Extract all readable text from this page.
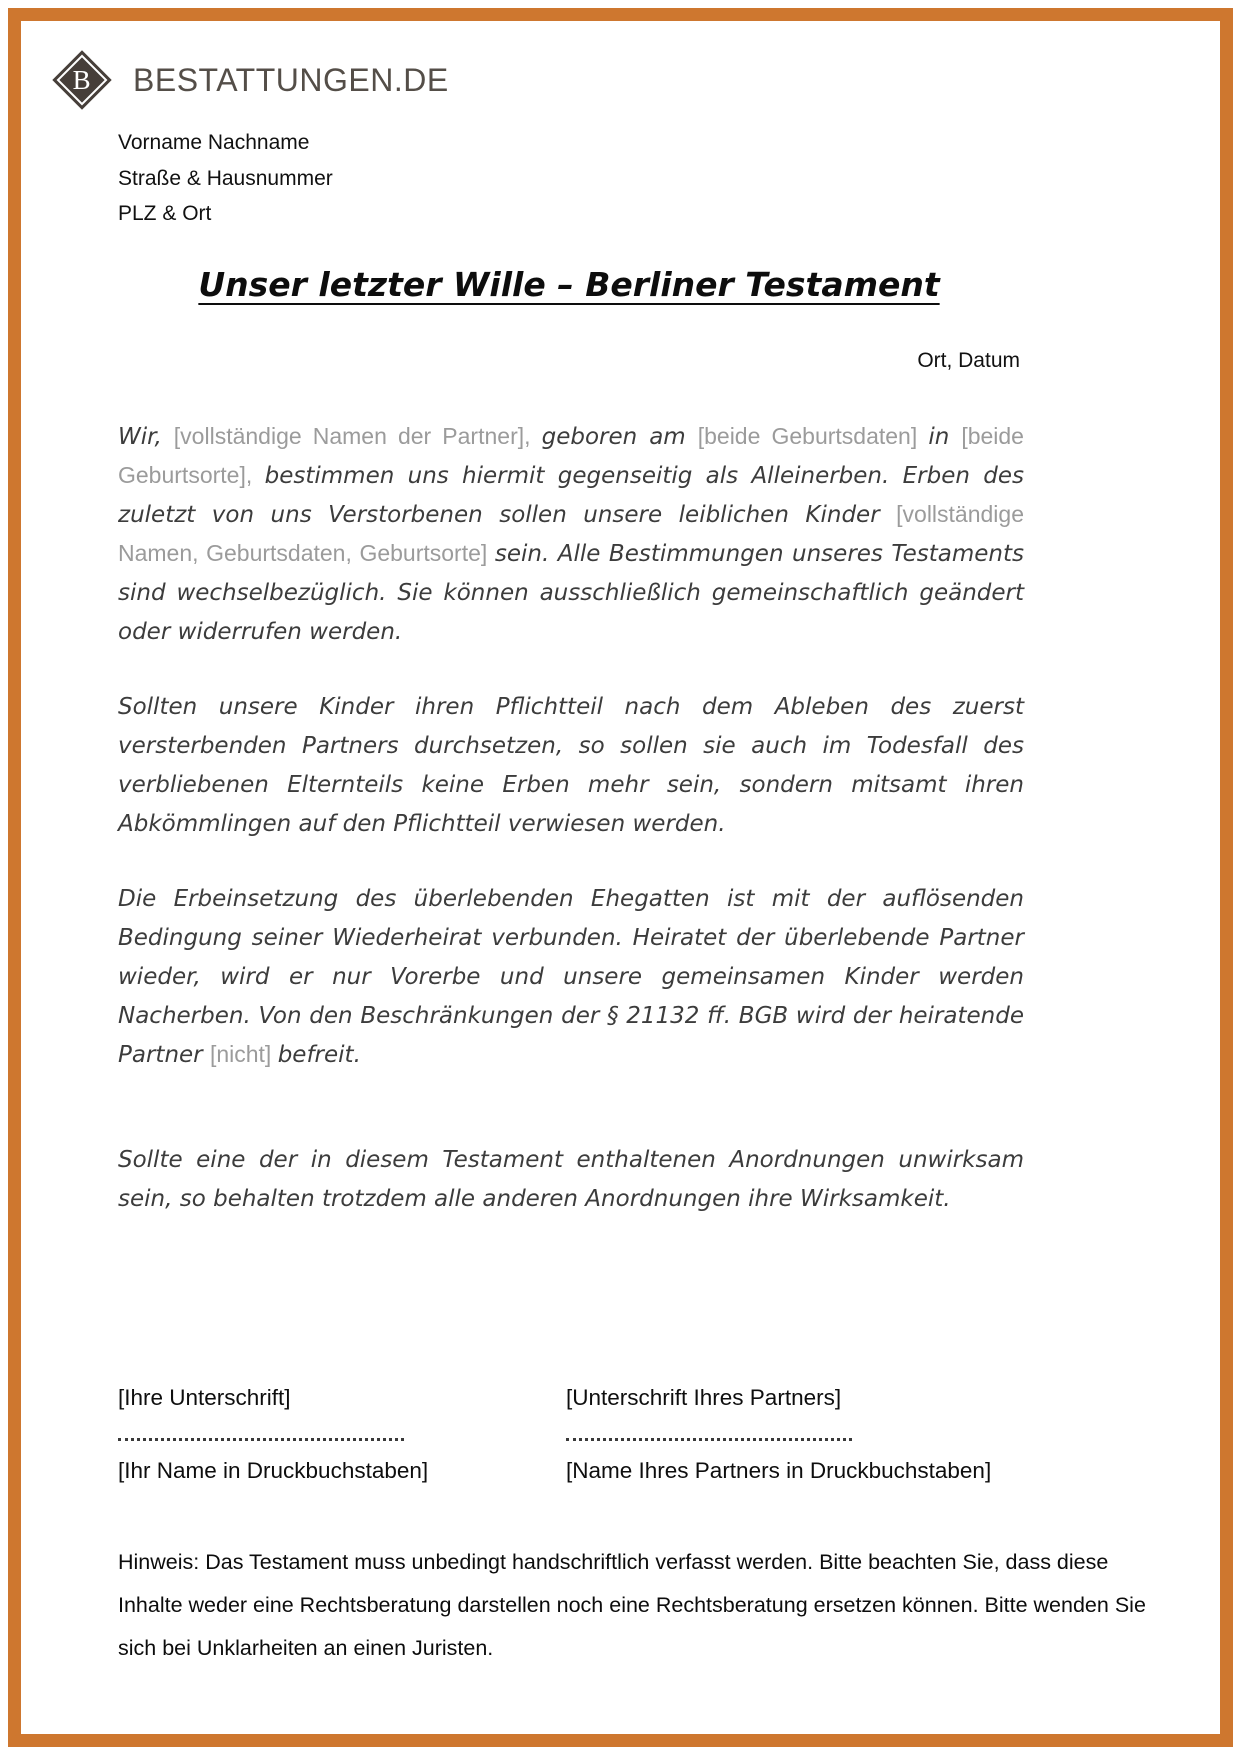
B BESTATTUNGEN.DE
Vorname Nachname
Straße & Hausnummer
PLZ & Ort
Unser letzter Wille – Berliner Testament
Ort, Datum

Wir, [vollständige Namen der Partner], geboren am [beide Geburtsdaten] in [beide Geburtsorte], bestimmen uns hiermit gegenseitig als Alleinerben. Erben des zuletzt von uns Verstorbenen sollen unsere leiblichen Kinder [vollständige Namen, Geburtsdaten, Geburtsorte] sein. Alle Bestimmungen unseres Testaments sind wechselbezüglich. Sie können ausschließlich gemeinschaftlich geändert oder widerrufen werden.

Sollten unsere Kinder ihren Pflichtteil nach dem Ableben des zuerst versterbenden Partners durchsetzen, so sollen sie auch im Todesfall des verbliebenen Elternteils keine Erben mehr sein, sondern mitsamt ihren Abkömmlingen auf den Pflichtteil verwiesen werden.

Die Erbeinsetzung des überlebenden Ehegatten ist mit der auflösenden Bedingung seiner Wiederheirat verbunden. Heiratet der überlebende Partner wieder, wird er nur Vorerbe und unsere gemeinsamen Kinder werden Nacherben. Von den Beschränkungen der § 21132 ff. BGB wird der heiratende Partner [nicht] befreit.

Sollte eine der in diesem Testament enthaltenen Anordnungen unwirksam sein, so behalten trotzdem alle anderen Anordnungen ihre Wirksamkeit.

[Ihre Unterschrift]
[Ihr Name in Druckbuchstaben]
[Unterschrift Ihres Partners]
[Name Ihres Partners in Druckbuchstaben]
Hinweis: Das Testament muss unbedingt handschriftlich verfasst werden. Bitte beachten Sie, dass diese Inhalte weder eine Rechtsberatung darstellen noch eine Rechtsberatung ersetzen können. Bitte wenden Sie sich bei Unklarheiten an einen Juristen.
